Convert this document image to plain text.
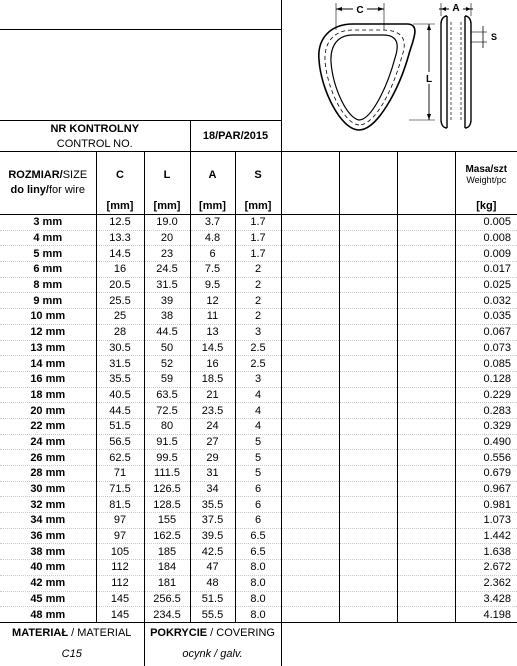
C
L
A
S

NR KONTROLNY			18/PAR/2015					
CONTROL NO.								
ROZMIAR/SIZE
do liny/for wire	C	L	A	S				Masa/szt
Weight/pc
	[mm]	[mm]	[mm]	[mm]				[kg]
3 mm	12.5	19.0	3.7	1.7				0.005
4 mm	13.3	20	4.8	1.7				0.008
5 mm	14.5	23	6	1.7				0.009
6 mm	16	24.5	7.5	2				0.017
8 mm	20.5	31.5	9.5	2				0.025
9 mm	25.5	39	12	2				0.032
10 mm	25	38	11	2				0.035
12 mm	28	44.5	13	3				0.067
13 mm	30.5	50	14.5	2.5				0.073
14 mm	31.5	52	16	2.5				0.085
16 mm	35.5	59	18.5	3				0.128
18 mm	40.5	63.5	21	4				0.229
20 mm	44.5	72.5	23.5	4				0.283
22 mm	51.5	80	24	4				0.329
24 mm	56.5	91.5	27	5				0.490
26 mm	62.5	99.5	29	5				0.556
28 mm	71	111.5	31	5				0.679
30 mm	71.5	126.5	34	6				0.967
32 mm	81.5	128.5	35.5	6				0.981
34 mm	97	155	37.5	6				1.073
36 mm	97	162.5	39.5	6.5				1.442
38 mm	105	185	42.5	6.5				1.638
40 mm	112	184	47	8.0				2.672
42 mm	112	181	48	8.0				2.362
45 mm	145	256.5	51.5	8.0				3.428
48 mm	145	234.5	55.5	8.0				4.198
MATERIAŁ / MATERIAL		POKRYCIE / COVERING						
C15		ocynk / galv.						
